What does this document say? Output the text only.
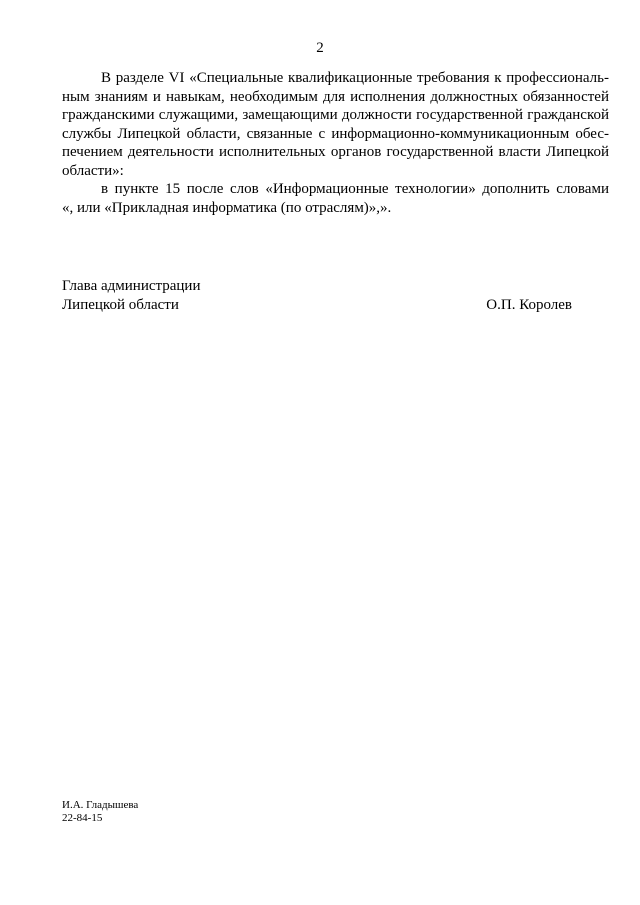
2
В разделе VI «Специальные квалификационные требования к профессиональ-
ным знаниям и навыкам, необходимым для исполнения должностных обязанностей
гражданскими служащими, замещающими должности государственной гражданской
службы Липецкой области, связанные с информационно-коммуникационным обес-
печением деятельности исполнительных органов государственной власти Липецкой
области»:
в пункте 15 после слов «Информационные технологии» дополнить словами
«, или «Прикладная информатика (по отраслям)»,».
Глава администрации
Липецкой области	О.П. Королев
И.А. Гладышева
22-84-15
